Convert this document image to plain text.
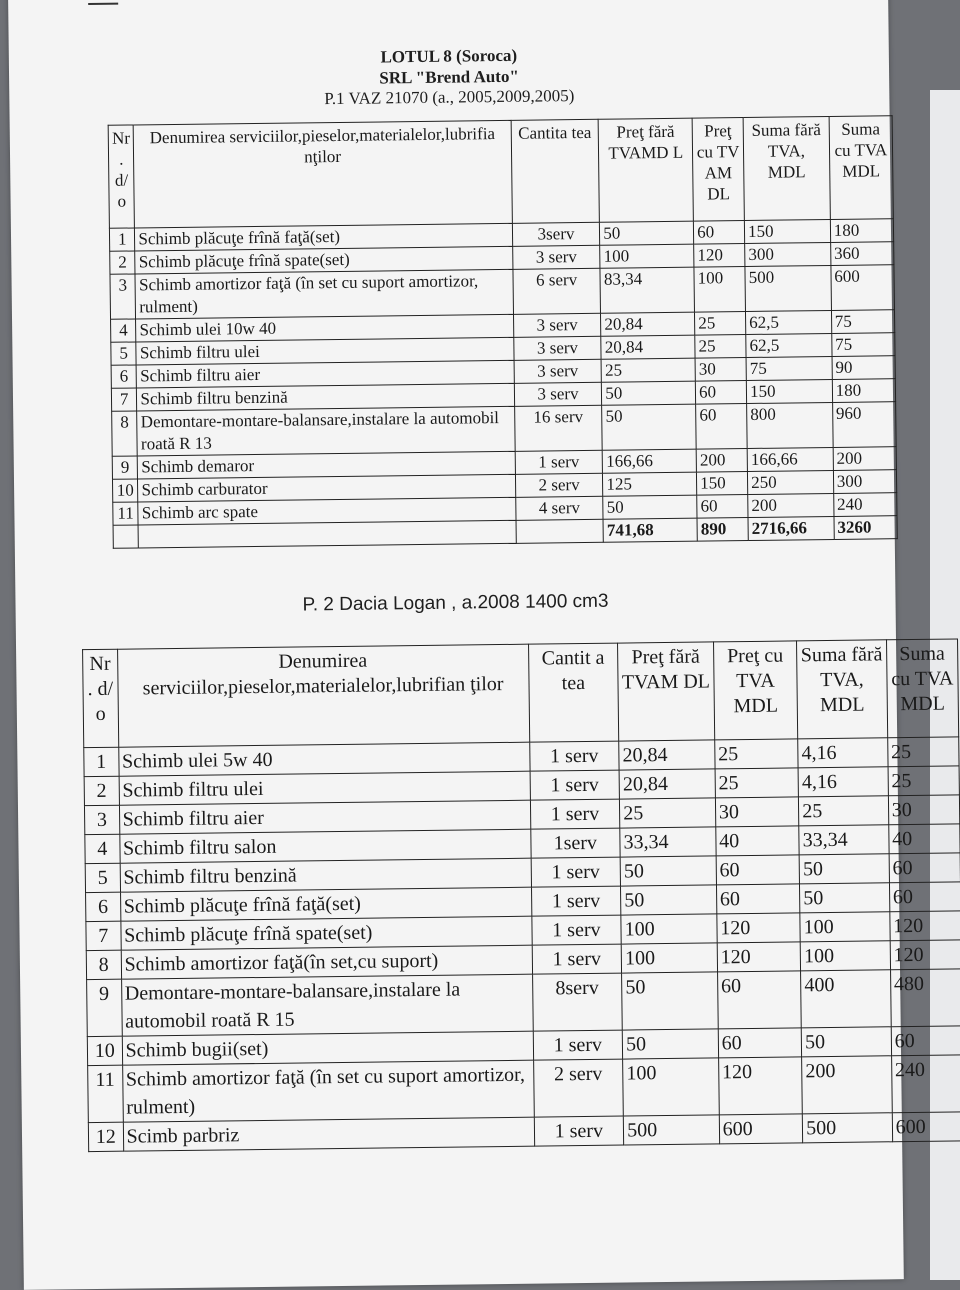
LOTUL 8 (Soroca)
SRL "Brend Auto"
P.1 VAZ 21070 (a., 2005,2009,2005)
Nr . d/ o	Denumirea serviciilor,pieselor,materialelor,lubrifia nţilor	Cantita tea	Preţ fără TVAMD L	Preţ cu TV AM DL	Suma fără TVA, MDL	Suma cu TVA MDL
1	Schimb plăcuţe frînă faţă(set)	3serv	50	60	150	180
2	Schimb plăcuţe frînă spate(set)	3 serv	100	120	300	360
3	Schimb amortizor faţă (în set cu suport amortizor, rulment)	6 serv	83,34	100	500	600
4	Schimb ulei 10w 40	3 serv	20,84	25	62,5	75
5	Schimb filtru ulei	3 serv	20,84	25	62,5	75
6	Schimb filtru aier	3 serv	25	30	75	90
7	Schimb filtru benzină	3 serv	50	60	150	180
8	Demontare-montare-balansare,instalare la automobil roată R 13	16 serv	50	60	800	960
9	Schimb demaror	1 serv	166,66	200	166,66	200
10	Schimb carburator	2 serv	125	150	250	300
11	Schimb arc spate	4 serv	50	60	200	240
			741,68	890	2716,66	3260
P. 2 Dacia Logan , a.2008 1400 cm3
Nr . d/ o	Denumirea serviciilor,pieselor,materialelor,lubrifian ţilor	Cantit a tea	Preţ fără TVAM DL	Preţ cu TVA MDL	Suma fără TVA, MDL	Suma cu TVA MDL
1	Schimb ulei 5w 40	1 serv	20,84	25	4,16	25
2	Schimb filtru ulei	1 serv	20,84	25	4,16	25
3	Schimb filtru aier	1 serv	25	30	25	30
4	Schimb filtru salon	1serv	33,34	40	33,34	40
5	Schimb filtru benzină	1 serv	50	60	50	60
6	Schimb plăcuţe frînă faţă(set)	1 serv	50	60	50	60
7	Schimb plăcuţe frînă spate(set)	1 serv	100	120	100	120
8	Schimb amortizor faţă(în set,cu suport)	1 serv	100	120	100	120
9	Demontare-montare-balansare,instalare la automobil roată R 15	8serv	50	60	400	480
10	Schimb bugii(set)	1 serv	50	60	50	60
11	Schimb amortizor faţă (în set cu suport amortizor, rulment)	2 serv	100	120	200	240
12	Scimb parbriz	1 serv	500	600	500	600
